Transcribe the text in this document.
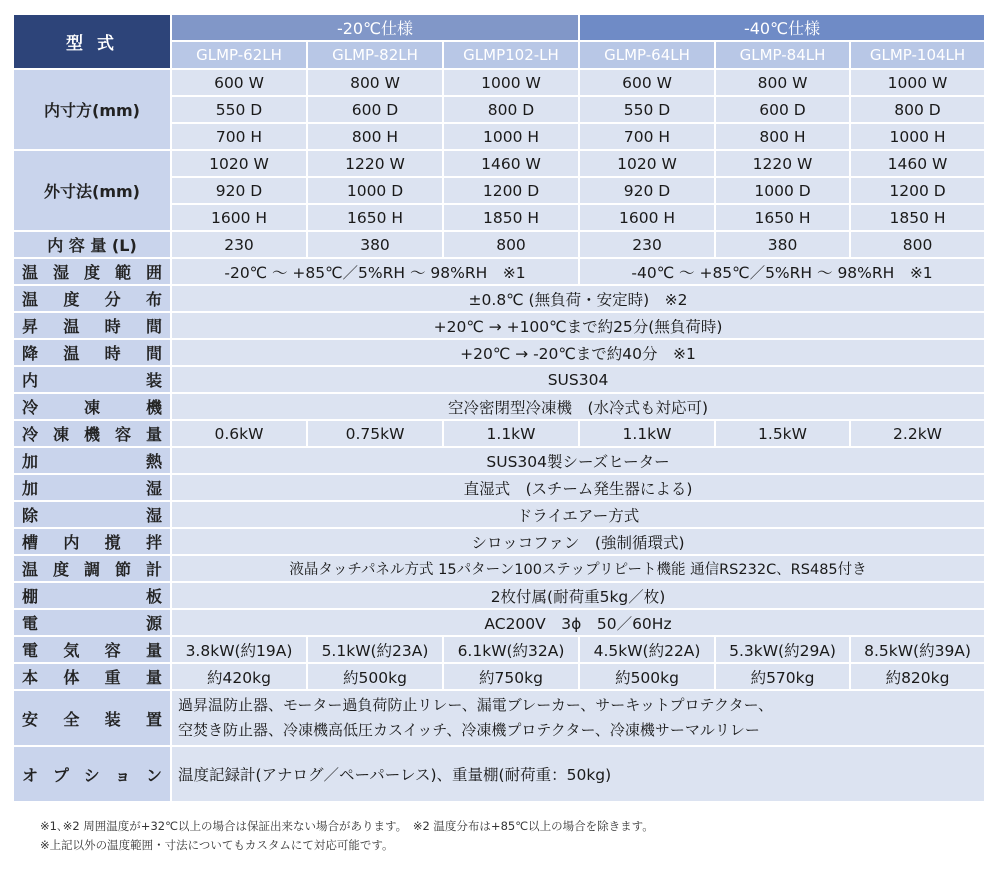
型 式	-20℃仕様			-40℃仕様		
	GLMP-62LH	GLMP-82LH	GLMP102-LH	GLMP-64LH	GLMP-84LH	GLMP-104LH
内寸方(mm)	600 W	800 W	1000 W	600 W	800 W	1000 W
	550 D	600 D	800 D	550 D	600 D	800 D
	700 H	800 H	1000 H	700 H	800 H	1000 H
外寸法(mm)	1020 W	1220 W	1460 W	1020 W	1220 W	1460 W
	920 D	1000 D	1200 D	920 D	1000 D	1200 D
	1600 H	1650 H	1850 H	1600 H	1650 H	1850 H
内 容 量 (L)	230	380	800	230	380	800
温湿度範囲	-20℃ ～ +85℃／5%RH ～ 98%RH　※1			-40℃ ～ +85℃／5%RH ～ 98%RH　※1		
温度分布	±0.8℃ (無負荷・安定時)　※2					
昇温時間	+20℃ → +100℃まで約25分(無負荷時)					
降温時間	+20℃ → -20℃まで約40分　※1					
内装	SUS304					
冷凍機	空冷密閉型冷凍機　(水冷式も対応可)					
冷凍機容量	0.6kW	0.75kW	1.1kW	1.1kW	1.5kW	2.2kW
加熱	SUS304製シーズヒーター					
加湿	直湿式　(スチーム発生器による)					
除湿	ドライエアー方式					
槽内撹拌	シロッコファン　(強制循環式)					
温度調節計	液晶タッチパネル方式 15パターン100ステップリピート機能 通信RS232C、RS485付き					
棚板	2枚付属(耐荷重5kg／枚)					
電源	AC200V　3ϕ　50／60Hz					
電気容量	3.8kW(約19A)	5.1kW(約23A)	6.1kW(約32A)	4.5kW(約22A)	5.3kW(約29A)	8.5kW(約39A)
本体重量	約420kg	約500kg	約750kg	約500kg	約570kg	約820kg
安全装置	過昇温防止器、モーター過負荷防止リレー、漏電ブレーカー、サーキットプロテクター、
空焚き防止器、冷凍機高低圧カスイッチ、冷凍機プロテクター、冷凍機サーマルリレー					

オプション	温度記録計(アナログ／ペーパーレス)、重量棚(耐荷重：50kg)					
※1､※2 周囲温度が+32℃以上の場合は保証出来ない場合があります。　※2 温度分布は+85℃以上の場合を除きます。
※上記以外の温度範囲・寸法についてもカスタムにて対応可能です。
